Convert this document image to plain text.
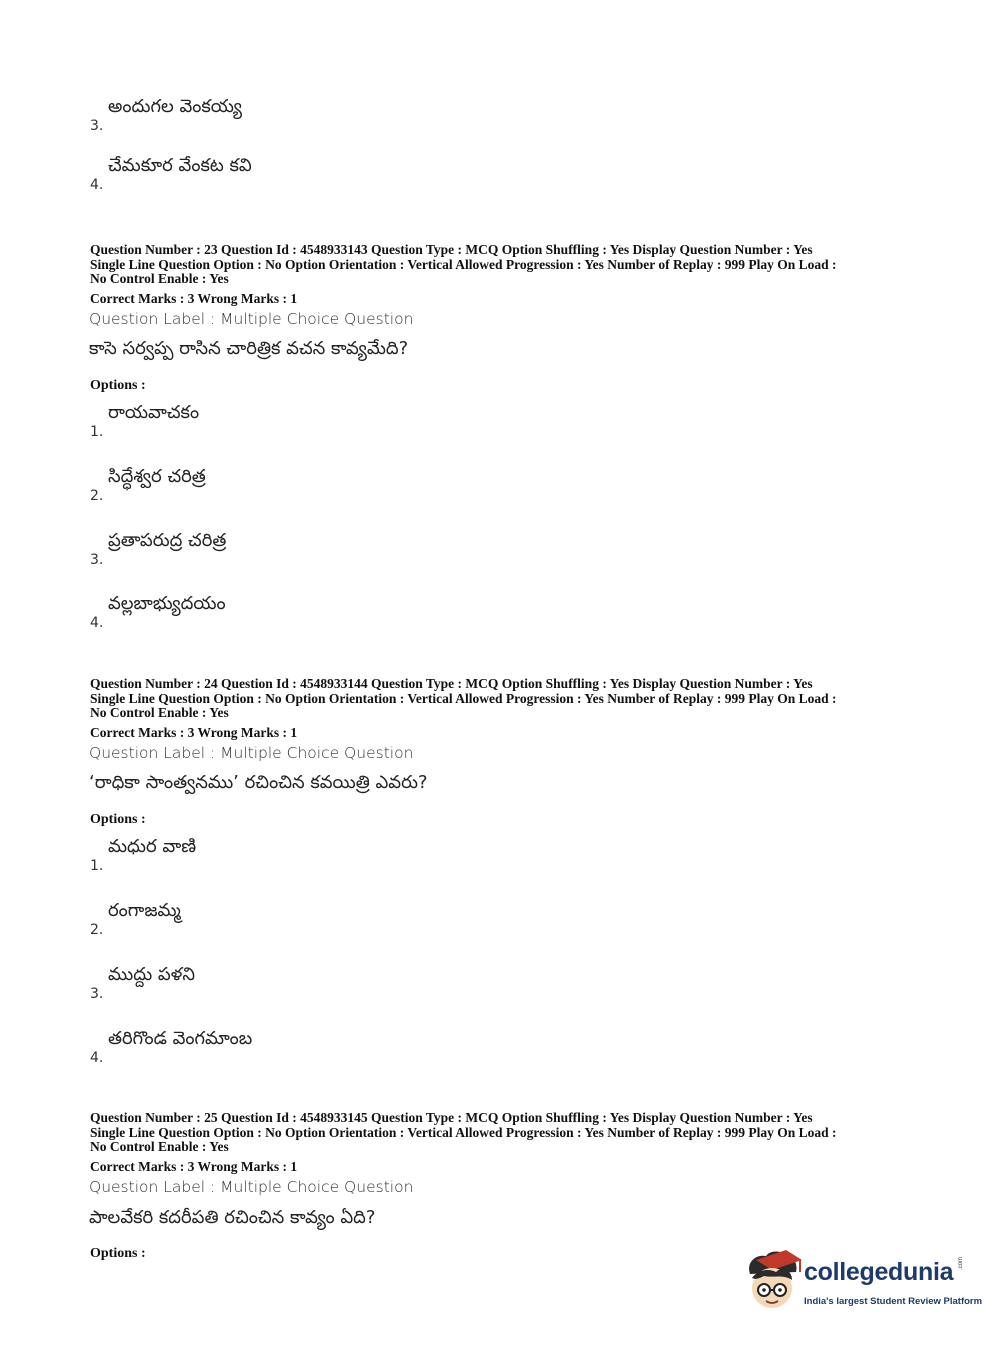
అందుగల వెంకయ్య
3.
చేమకూర వేంకట కవి
4.
Question Number : 23 Question Id : 4548933143 Question Type : MCQ Option Shuffling : Yes Display Question Number : Yes
Single Line Question Option : No Option Orientation : Vertical Allowed Progression : Yes Number of Replay : 999 Play On Load :
No Control Enable : Yes
Correct Marks : 3 Wrong Marks : 1
Question Label : Multiple Choice Question
కాసె సర్వప్ప రాసిన చారిత్రిక వచన కావ్యమేది?
Options :
రాయవాచకం
1.
సిద్ధేశ్వర చరిత్ర
2.
ప్రతాపరుద్ర చరిత్ర
3.
వల్లబాభ్యుదయం
4.
Question Number : 24 Question Id : 4548933144 Question Type : MCQ Option Shuffling : Yes Display Question Number : Yes
Single Line Question Option : No Option Orientation : Vertical Allowed Progression : Yes Number of Replay : 999 Play On Load :
No Control Enable : Yes
Correct Marks : 3 Wrong Marks : 1
Question Label : Multiple Choice Question
‘రాధికా సాంత్వనము’ రచించిన కవయిత్రి ఎవరు?
Options :
మధుర వాణి
1.
రంగాజమ్మ
2.
ముద్దు పళని
3.
తరిగొండ వెంగమాంబ
4.
Question Number : 25 Question Id : 4548933145 Question Type : MCQ Option Shuffling : Yes Display Question Number : Yes
Single Line Question Option : No Option Orientation : Vertical Allowed Progression : Yes Number of Replay : 999 Play On Load :
No Control Enable : Yes
Correct Marks : 3 Wrong Marks : 1
Question Label : Multiple Choice Question
పాలవేకరి కదరీపతి రచించిన కావ్యం ఏది?
Options :
collegedunia .com
India's largest Student Review Platform
